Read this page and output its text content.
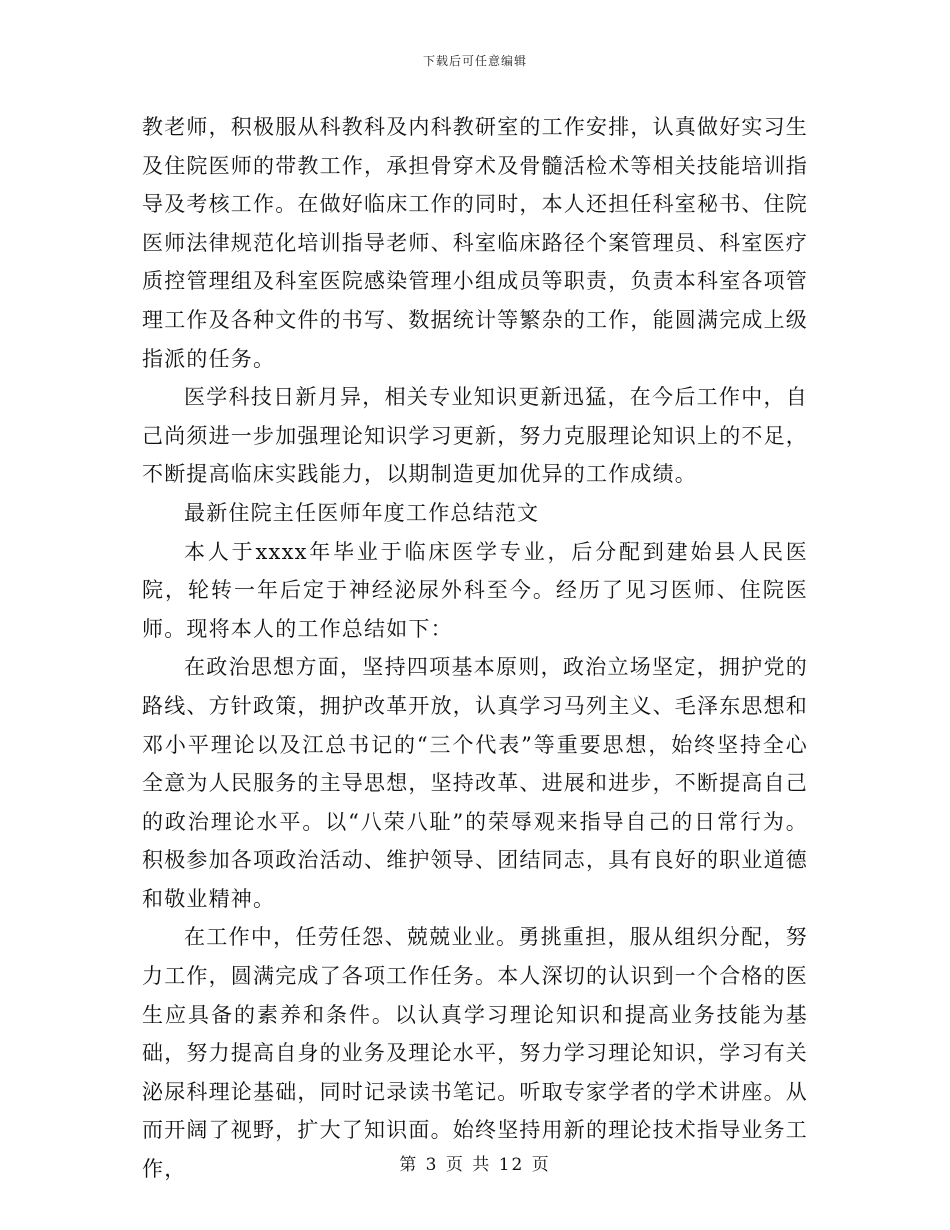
下载后可任意编辑

教老师，积极服从科教科及内科教研室的工作安排，认真做好实习生及住院医师的带教工作，承担骨穿术及骨髓活检术等相关技能培训指导及考核工作。在做好临床工作的同时，本人还担任科室秘书、住院医师法律规范化培训指导老师、科室临床路径个案管理员、科室医疗质控管理组及科室医院感染管理小组成员等职责，负责本科室各项管理工作及各种文件的书写、数据统计等繁杂的工作，能圆满完成上级指派的任务。

医学科技日新月异，相关专业知识更新迅猛，在今后工作中，自己尚须进一步加强理论知识学习更新，努力克服理论知识上的不足，不断提高临床实践能力，以期制造更加优异的工作成绩。

最新住院主任医师年度工作总结范文

本人于xxxx年毕业于临床医学专业，后分配到建始县人民医院，轮转一年后定于神经泌尿外科至今。经历了见习医师、住院医师。现将本人的工作总结如下：

在政治思想方面，坚持四项基本原则，政治立场坚定，拥护党的路线、方针政策，拥护改革开放，认真学习马列主义、毛泽东思想和邓小平理论以及江总书记的“三个代表”等重要思想，始终坚持全心全意为人民服务的主导思想，坚持改革、进展和进步，不断提高自己的政治理论水平。以“八荣八耻”的荣辱观来指导自己的日常行为。积极参加各项政治活动、维护领导、团结同志，具有良好的职业道德和敬业精神。

在工作中，任劳任怨、兢兢业业。勇挑重担，服从组织分配，努力工作，圆满完成了各项工作任务。本人深切的认识到一个合格的医生应具备的素养和条件。以认真学习理论知识和提高业务技能为基础，努力提高自身的业务及理论水平，努力学习理论知识，学习有关泌尿科理论基础，同时记录读书笔记。听取专家学者的学术讲座。从而开阔了视野，扩大了知识面。始终坚持用新的理论技术指导业务工作，	第 3 页 共 12 页
